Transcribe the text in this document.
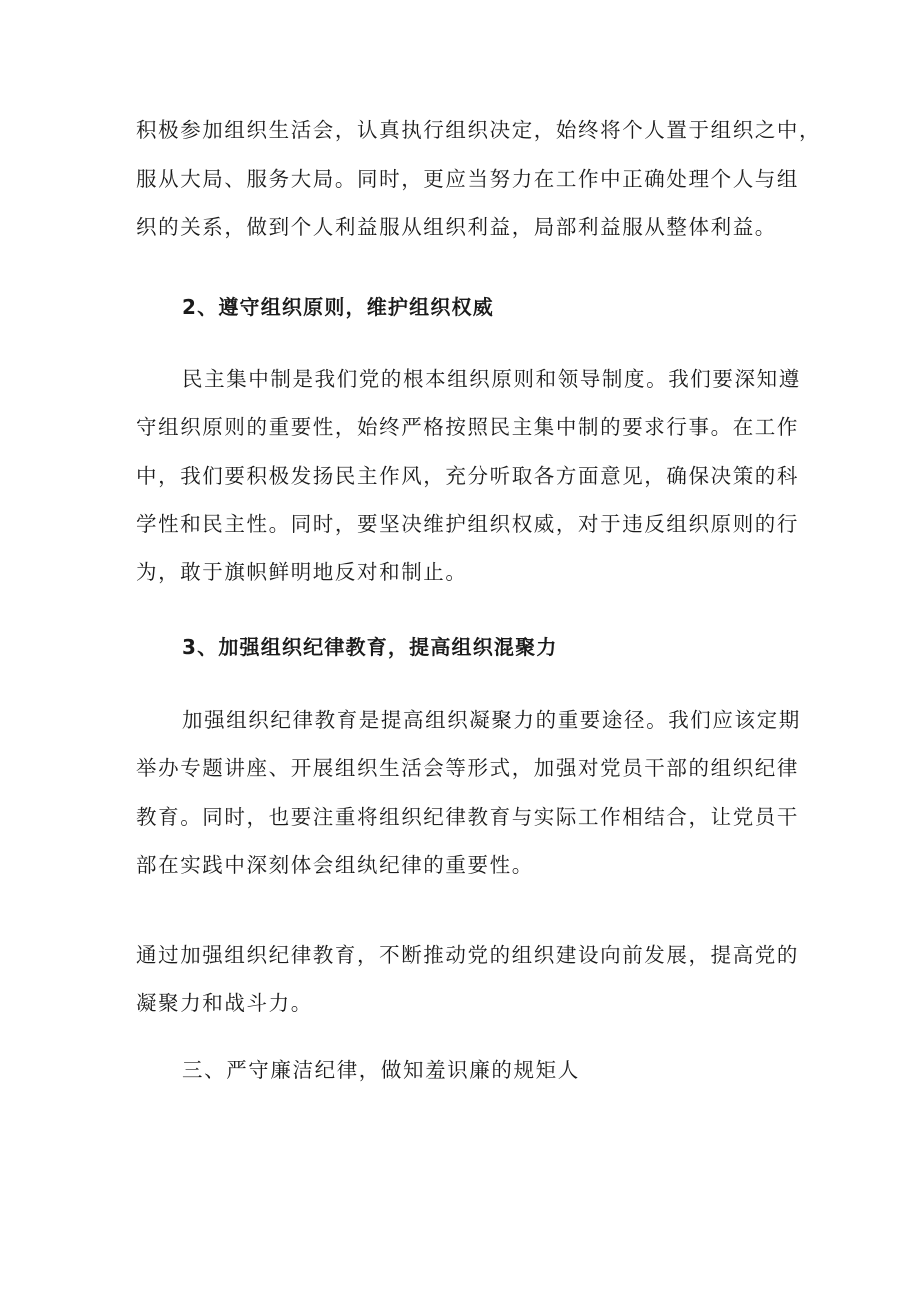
积极参加组织生活会，认真执行组织决定，始终将个人置于组织之中，
服从大局、服务大局。同时，更应当努力在工作中正确处理个人与组
织的关系，做到个人利益服从组织利益，局部利益服从整体利益。
2、遵守组织原则，维护组织权威
民主集中制是我们党的根本组织原则和领导制度。我们要深知遵
守组织原则的重要性，始终严格按照民主集中制的要求行事。在工作
中，我们要积极发扬民主作风，充分听取各方面意见，确保决策的科
学性和民主性。同时，要坚决维护组织权威，对于违反组织原则的行
为，敢于旗帜鲜明地反对和制止。
3、加强组织纪律教育，提高组织混聚力
加强组织纪律教育是提高组织凝聚力的重要途径。我们应该定期
举办专题讲座、开展组织生活会等形式，加强对党员干部的组织纪律
教育。同时，也要注重将组织纪律教育与实际工作相结合，让党员干
部在实践中深刻体会组纨纪律的重要性。
通过加强组织纪律教育，不断推动党的组织建设向前发展，提高党的
凝聚力和战斗力。
三、严守廉洁纪律，做知羞识廉的规矩人
